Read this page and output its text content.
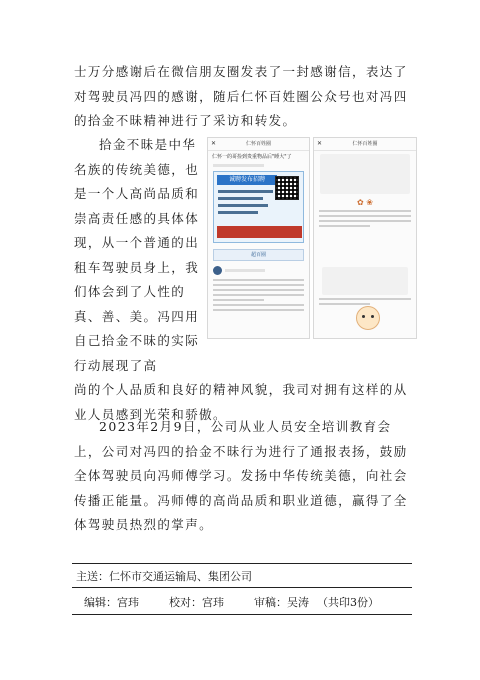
士万分感谢后在微信朋友圈发表了一封感谢信，表达了对驾驶员冯四的感谢，随后仁怀百姓圈公众号也对冯四的拾金不昧精神进行了采访和转发。

拾金不昧是中华名族的传统美德，也是一个人高尚品质和崇高责任感的具体体现，从一个普通的出租车驾驶员身上，我们体会到了人性的真、善、美。冯四用自己拾金不昧的实际行动展现了高

✕	仁怀百姓圈
仁怀一的哥捡到贵重物品后"睡大"了
诚聘发布招聘
超百圈
✕	仁怀百姓圈
✿ ❀

尚的个人品质和良好的精神风貌，我司对拥有这样的从业人员感到光荣和骄傲。

2023年2月9日，公司从业人员安全培训教育会上，公司对冯四的拾金不昧行为进行了通报表扬，鼓励全体驾驶员向冯师傅学习。发扬中华传统美德，向社会传播正能量。冯师傅的高尚品质和职业道德，赢得了全体驾驶员热烈的掌声。

主送：仁怀市交通运输局、集团公司
编辑： 宫玮	校对： 宫玮	审稿： 吴涛 （共印3份）
